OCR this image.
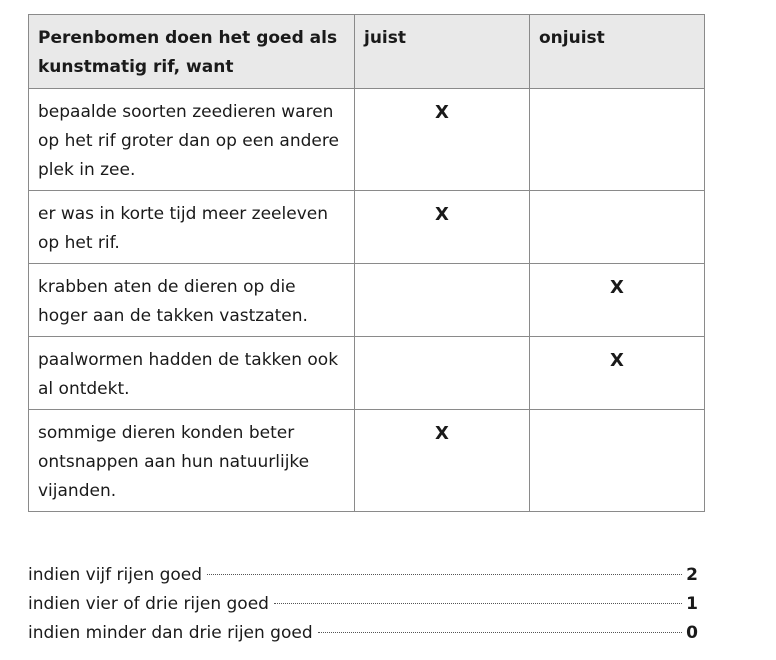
Perenbomen doen het goed als kunstmatig rif, want	juist	onjuist
bepaalde soorten zeedieren waren op het rif groter dan op een andere plek in zee.	X	
er was in korte tijd meer zeeleven op het rif.	X	
krabben aten de dieren op die hoger aan de takken vastzaten.		X
paalwormen hadden de takken ook al ontdekt.		X
sommige dieren konden beter ontsnappen aan hun natuurlijke vijanden.	X	
indien vijf rijen goed	2
indien vier of drie rijen goed	1
indien minder dan drie rijen goed	0
